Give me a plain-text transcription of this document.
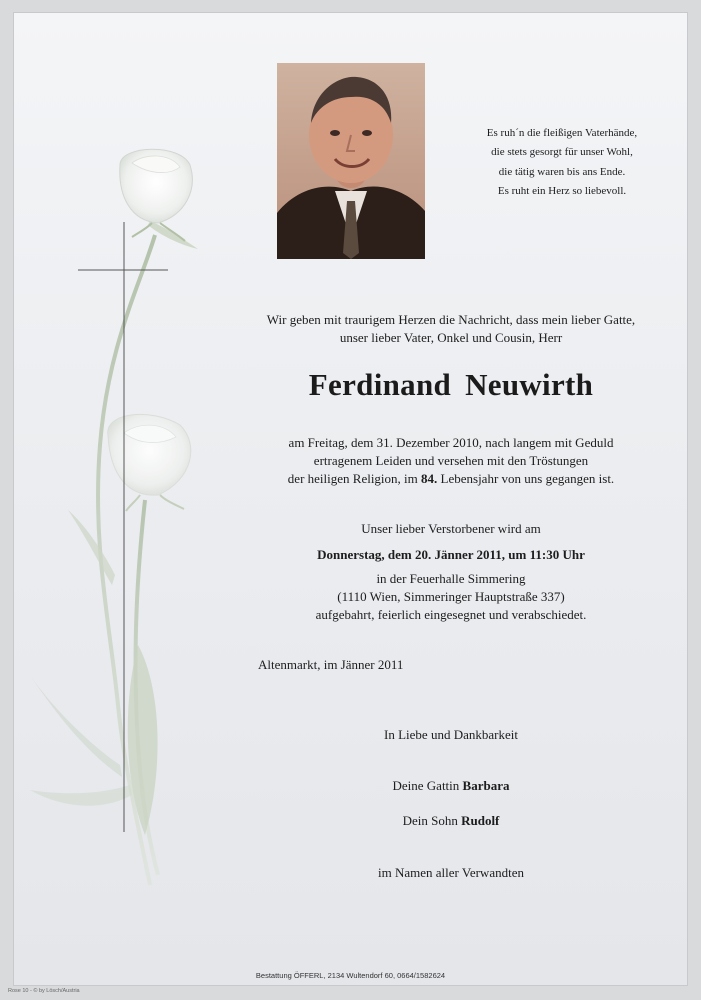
Es ruh´n die fleißigen Vaterhände,
die stets gesorgt für unser Wohl,
die tätig waren bis ans Ende.
Es ruht ein Herz so liebevoll.
Wir geben mit traurigem Herzen die Nachricht, dass mein lieber Gatte,
unser lieber Vater, Onkel und Cousin, Herr
Ferdinand Neuwirth
am Freitag, dem 31. Dezember 2010, nach langem mit Geduld
ertragenem Leiden und versehen mit den Tröstungen
der heiligen Religion, im 84. Lebensjahr von uns gegangen ist.
Unser lieber Verstorbener wird am
Donnerstag, dem 20. Jänner 2011, um 11:30 Uhr
in der Feuerhalle Simmering
(1110 Wien, Simmeringer Hauptstraße 337)
aufgebahrt, feierlich eingesegnet und verabschiedet.
Altenmarkt, im Jänner 2011
In Liebe und Dankbarkeit
Deine Gattin Barbara
Dein Sohn Rudolf
im Namen aller Verwandten
Bestattung ÖFFERL, 2134 Wultendorf 60, 0664/1582624
Rose 10 - © by Lösch/Austria
